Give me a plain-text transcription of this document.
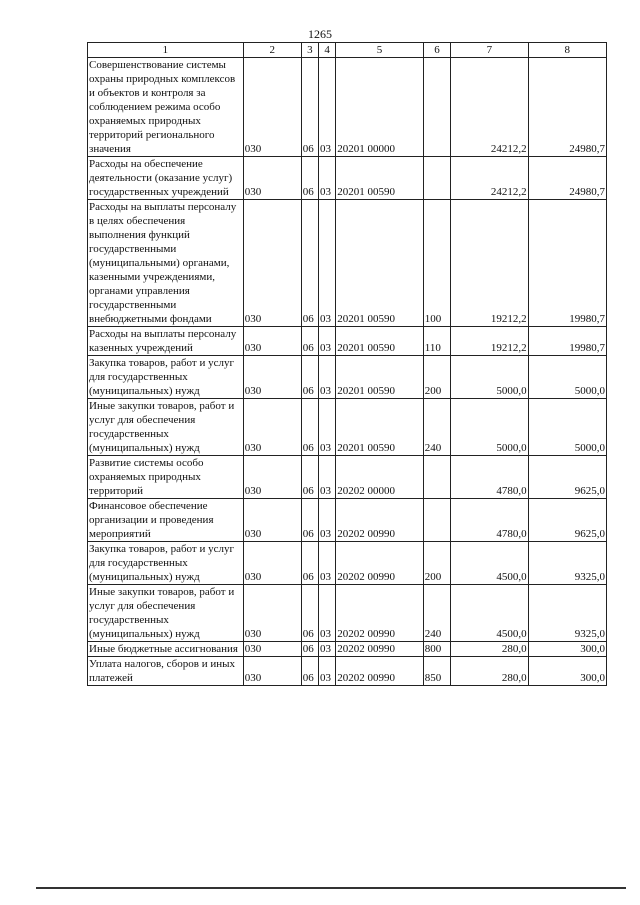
1265
1	2	3	4	5	6	7	8
Совершенствование системы охраны природных комплексов и объектов и контроля за соблюдением режима особо охраняемых природных территорий регионального значения	030	06	03	20201 00000		24212,2	24980,7
Расходы на обеспечение деятельности (оказание услуг) государственных учреждений	030	06	03	20201 00590		24212,2	24980,7
Расходы на выплаты персоналу в целях обеспечения выполнения функций государственными (муниципальными) органами, казенными учреждениями, органами управления государственными внебюджетными фондами	030	06	03	20201 00590	100	19212,2	19980,7
Расходы на выплаты персоналу казенных учреждений	030	06	03	20201 00590	110	19212,2	19980,7
Закупка товаров, работ и услуг для государственных (муниципальных) нужд	030	06	03	20201 00590	200	5000,0	5000,0
Иные закупки товаров, работ и услуг для обеспечения государственных (муниципальных) нужд	030	06	03	20201 00590	240	5000,0	5000,0
Развитие системы особо охраняемых природных территорий	030	06	03	20202 00000		4780,0	9625,0
Финансовое обеспечение организации и проведения мероприятий	030	06	03	20202 00990		4780,0	9625,0
Закупка товаров, работ и услуг для государственных (муниципальных) нужд	030	06	03	20202 00990	200	4500,0	9325,0
Иные закупки товаров, работ и услуг для обеспечения государственных (муниципальных) нужд	030	06	03	20202 00990	240	4500,0	9325,0
Иные бюджетные ассигнования	030	06	03	20202 00990	800	280,0	300,0
Уплата налогов, сборов и иных платежей	030	06	03	20202 00990	850	280,0	300,0
